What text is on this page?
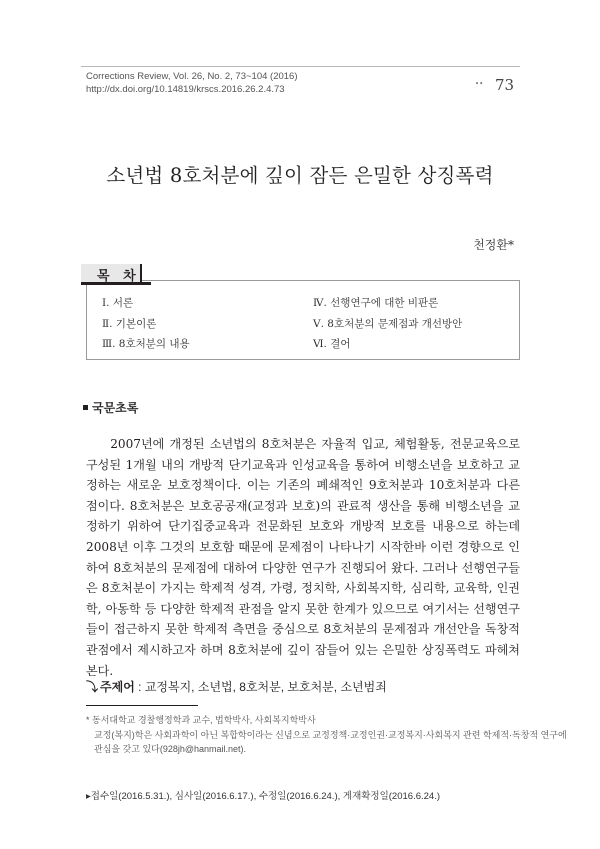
Corrections Review, Vol. 26, No. 2, 73~104 (2016)
http://dx.doi.org/10.14819/krscs.2016.26.2.4.73	•• 73
소년법 8호처분에 깊이 잠든 은밀한 상징폭력
천정환*
목 차
Ⅰ. 서론
Ⅱ. 기본이론
Ⅲ. 8호처분의 내용
Ⅳ. 선행연구에 대한 비판론
Ⅴ. 8호처분의 문제점과 개선방안
Ⅵ. 결어
국문초록

2007년에 개정된 소년법의 8호처분은 자율적 입교, 체험활동, 전문교육으로 구성된 1개월 내의 개방적 단기교육과 인성교육을 통하여 비행소년을 보호하고 교정하는 새로운 보호정책이다. 이는 기존의 폐쇄적인 9호처분과 10호처분과 다른 점이다. 8호처분은 보호공공재(교정과 보호)의 관료적 생산을 통해 비행소년을 교정하기 위하여 단기집중교육과 전문화된 보호와 개방적 보호를 내용으로 하는데 2008년 이후 그것의 보호함 때문에 문제점이 나타나기 시작한바 이런 경향으로 인하여 8호처분의 문제점에 대하여 다양한 연구가 진행되어 왔다. 그러나 선행연구들은 8호처분이 가지는 학제적 성격, 가령, 정치학, 사회복지학, 심리학, 교육학, 인권학, 아동학 등 다양한 학제적 관점을 알지 못한 한계가 있으므로 여기서는 선행연구들이 접근하지 못한 학제적 측면을 중심으로 8호처분의 문제점과 개선안을 독창적 관점에서 제시하고자 하며 8호처분에 깊이 잠들어 있는 은밀한 상징폭력도 파헤쳐 본다.

⤵ 주제어 : 교정복지, 소년법, 8호처분, 보호처분, 소년범죄
* 동서대학교 경찰행정학과 교수, 법학박사, 사회복지학박사
교정(복지)학은 사회과학이 아닌 복합학이라는 신념으로 교정정책·교정인권·교정복지·사회복지 관련 학제적·독창적 연구에
관심을 갖고 있다(928jh@hanmail.net).
▸접수일(2016.5.31.), 심사일(2016.6.17.), 수정일(2016.6.24.), 게재확정일(2016.6.24.)
